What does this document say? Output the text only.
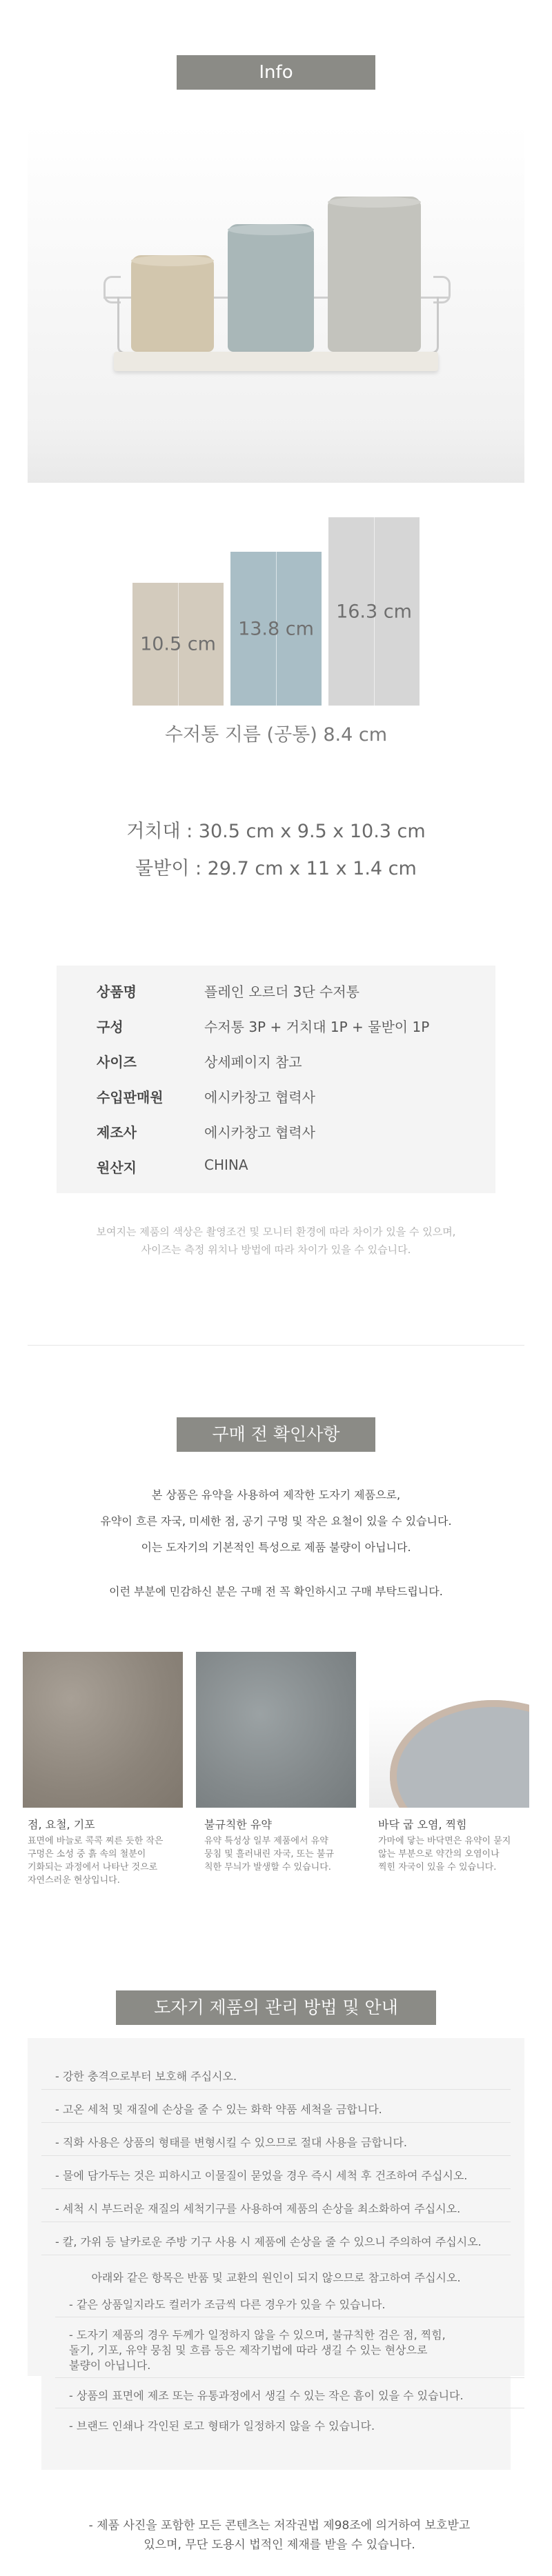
Info
10.5 cm
13.8 cm
16.3 cm
수저통 지름 (공통) 8.4 cm
거치대 : 30.5 cm x 9.5 x 10.3 cm
물받이 : 29.7 cm x 11 x 1.4 cm
상품명	플레인 오르더 3단 수저통
구성	수저통 3P + 거치대 1P + 물받이 1P
사이즈	상세페이지 참고
수입판매원	에시카창고 협력사
제조사	에시카창고 협력사
원산지	CHINA
보여지는 제품의 색상은 촬영조건 및 모니터 환경에 따라 차이가 있을 수 있으며,
사이즈는 측정 위치나 방법에 따라 차이가 있을 수 있습니다.
구매 전 확인사항
본 상품은 유약을 사용하여 제작한 도자기 제품으로,
유약이 흐른 자국, 미세한 점, 공기 구멍 및 작은 요철이 있을 수 있습니다.
이는 도자기의 기본적인 특성으로 제품 불량이 아닙니다.
이런 부분에 민감하신 분은 구매 전 꼭 확인하시고 구매 부탁드립니다.
점, 요철, 기포
표면에 바늘로 콕콕 찌른 듯한 작은
구멍은 소성 중 흙 속의 철분이
기화되는 과정에서 나타난 것으로
자연스러운 현상입니다.
불규칙한 유약
유약 특성상 일부 제품에서 유약
뭉침 및 흘러내린 자국, 또는 불규
칙한 무늬가 발생할 수 있습니다.
바닥 굽 오염, 찍힘
가마에 닿는 바닥면은 유약이 묻지
않는 부분으로 약간의 오염이나
찍힌 자국이 있을 수 있습니다.
도자기 제품의 관리 방법 및 안내
- 강한 충격으로부터 보호해 주십시오.
- 고온 세척 및 재질에 손상을 줄 수 있는 화학 약품 세척을 금합니다.
- 직화 사용은 상품의 형태를 변형시킬 수 있으므로 절대 사용을 금합니다.
- 물에 담가두는 것은 피하시고 이물질이 묻었을 경우 즉시 세척 후 건조하여 주십시오.
- 세척 시 부드러운 재질의 세척기구를 사용하여 제품의 손상을 최소화하여 주십시오.
- 칼, 가위 등 날카로운 주방 기구 사용 시 제품에 손상을 줄 수 있으니 주의하여 주십시오.
아래와 같은 항목은 반품 및 교환의 원인이 되지 않으므로 참고하여 주십시오.
- 같은 상품일지라도 컬러가 조금씩 다른 경우가 있을 수 있습니다.
- 도자기 제품의 경우 두께가 일정하지 않을 수 있으며, 불규칙한 검은 점, 찍힘,
돌기, 기포, 유약 뭉침 및 흐름 등은 제작기법에 따라 생길 수 있는 현상으로
불량이 아닙니다.
- 상품의 표면에 제조 또는 유통과정에서 생길 수 있는 작은 흠이 있을 수 있습니다.
- 브랜드 인쇄나 각인된 로고 형태가 일정하지 않을 수 있습니다.
- 제품 사진을 포함한 모든 콘텐츠는 저작권법 제98조에 의거하여 보호받고
있으며, 무단 도용시 법적인 제재를 받을 수 있습니다.
